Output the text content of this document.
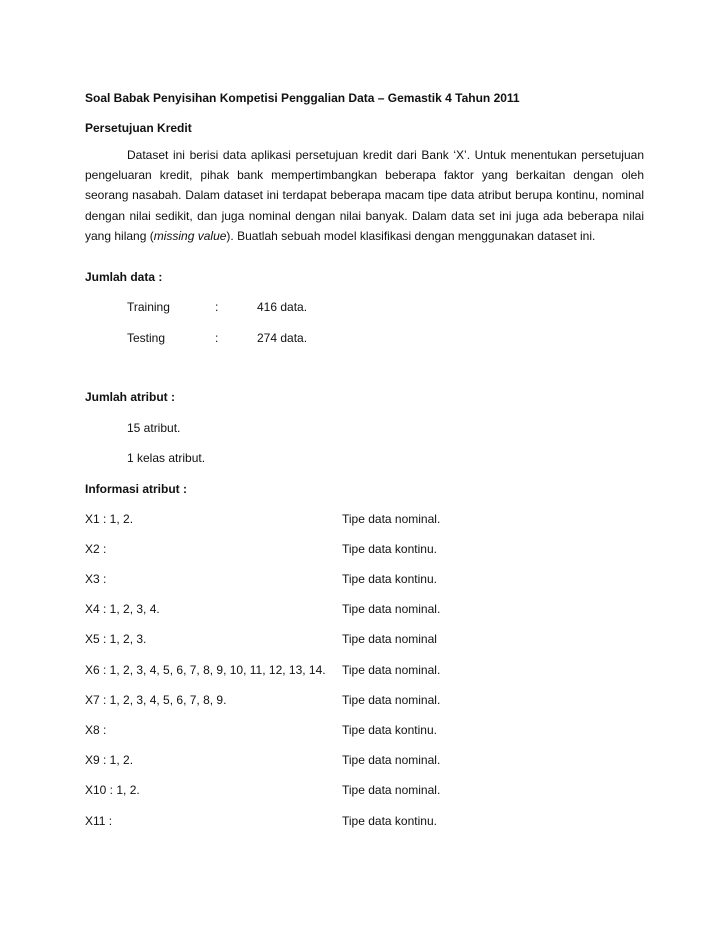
Soal Babak Penyisihan Kompetisi Penggalian Data – Gemastik 4 Tahun 2011
Persetujuan Kredit
Dataset ini berisi data aplikasi persetujuan kredit dari Bank ‘X’. Untuk menentukan persetujuan pengeluaran kredit, pihak bank mempertimbangkan beberapa faktor yang berkaitan dengan oleh seorang nasabah. Dalam dataset ini terdapat beberapa macam tipe data atribut berupa kontinu, nominal dengan nilai sedikit, dan juga nominal dengan nilai banyak. Dalam data set ini juga ada beberapa nilai yang hilang (missing value). Buatlah sebuah model klasifikasi dengan menggunakan dataset ini.
Jumlah data :
Training	:	416 data.
Testing	:	274 data.
Jumlah atribut :
15 atribut.
1 kelas atribut.
Informasi atribut :
X1 : 1, 2.	Tipe data nominal.
X2 :	Tipe data kontinu.
X3 :	Tipe data kontinu.
X4 : 1, 2, 3, 4.	Tipe data nominal.
X5 : 1, 2, 3.	Tipe data nominal
X6 : 1, 2, 3, 4, 5, 6, 7, 8, 9, 10, 11, 12, 13, 14. Tipe data nominal.
X7 : 1, 2, 3, 4, 5, 6, 7, 8, 9.	Tipe data nominal.
X8 :	Tipe data kontinu.
X9 : 1, 2.	Tipe data nominal.
X10 : 1, 2.	Tipe data nominal.
X11 :	Tipe data kontinu.
